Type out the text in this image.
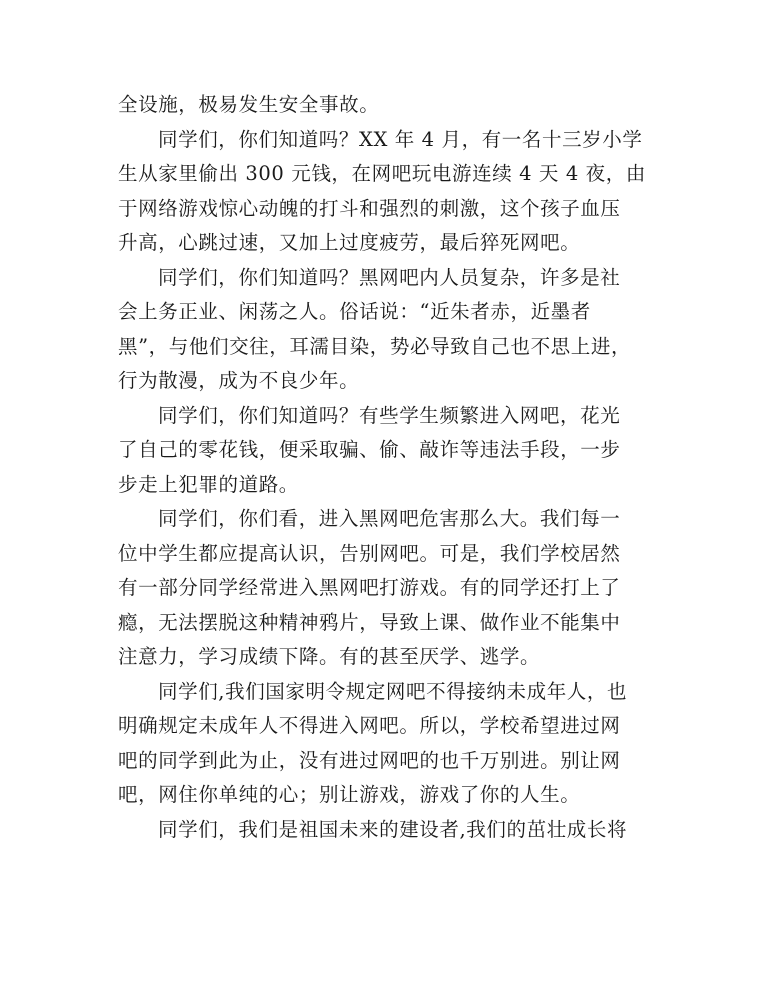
全设施，极易发生安全事故。
同学们，你们知道吗？XX 年 4 月，有一名十三岁小学
生从家里偷出 300 元钱，在网吧玩电游连续 4 天 4 夜，由
于网络游戏惊心动魄的打斗和强烈的刺激，这个孩子血压
升高，心跳过速，又加上过度疲劳，最后猝死网吧。
同学们，你们知道吗？黑网吧内人员复杂，许多是社
会上务正业、闲荡之人。俗话说：“近朱者赤，近墨者
黑”，与他们交往，耳濡目染，势必导致自己也不思上进，
行为散漫，成为不良少年。
同学们，你们知道吗？有些学生频繁进入网吧，花光
了自己的零花钱，便采取骗、偷、敲诈等违法手段，一步
步走上犯罪的道路。
同学们，你们看，进入黑网吧危害那么大。我们每一
位中学生都应提高认识，告别网吧。可是，我们学校居然
有一部分同学经常进入黑网吧打游戏。有的同学还打上了
瘾，无法摆脱这种精神鸦片，导致上课、做作业不能集中
注意力，学习成绩下降。有的甚至厌学、逃学。
同学们,我们国家明令规定网吧不得接纳未成年人，也
明确规定未成年人不得进入网吧。所以，学校希望进过网
吧的同学到此为止，没有进过网吧的也千万别进。别让网
吧，网住你单纯的心；别让游戏，游戏了你的人生。
同学们，我们是祖国未来的建设者,我们的茁壮成长将
